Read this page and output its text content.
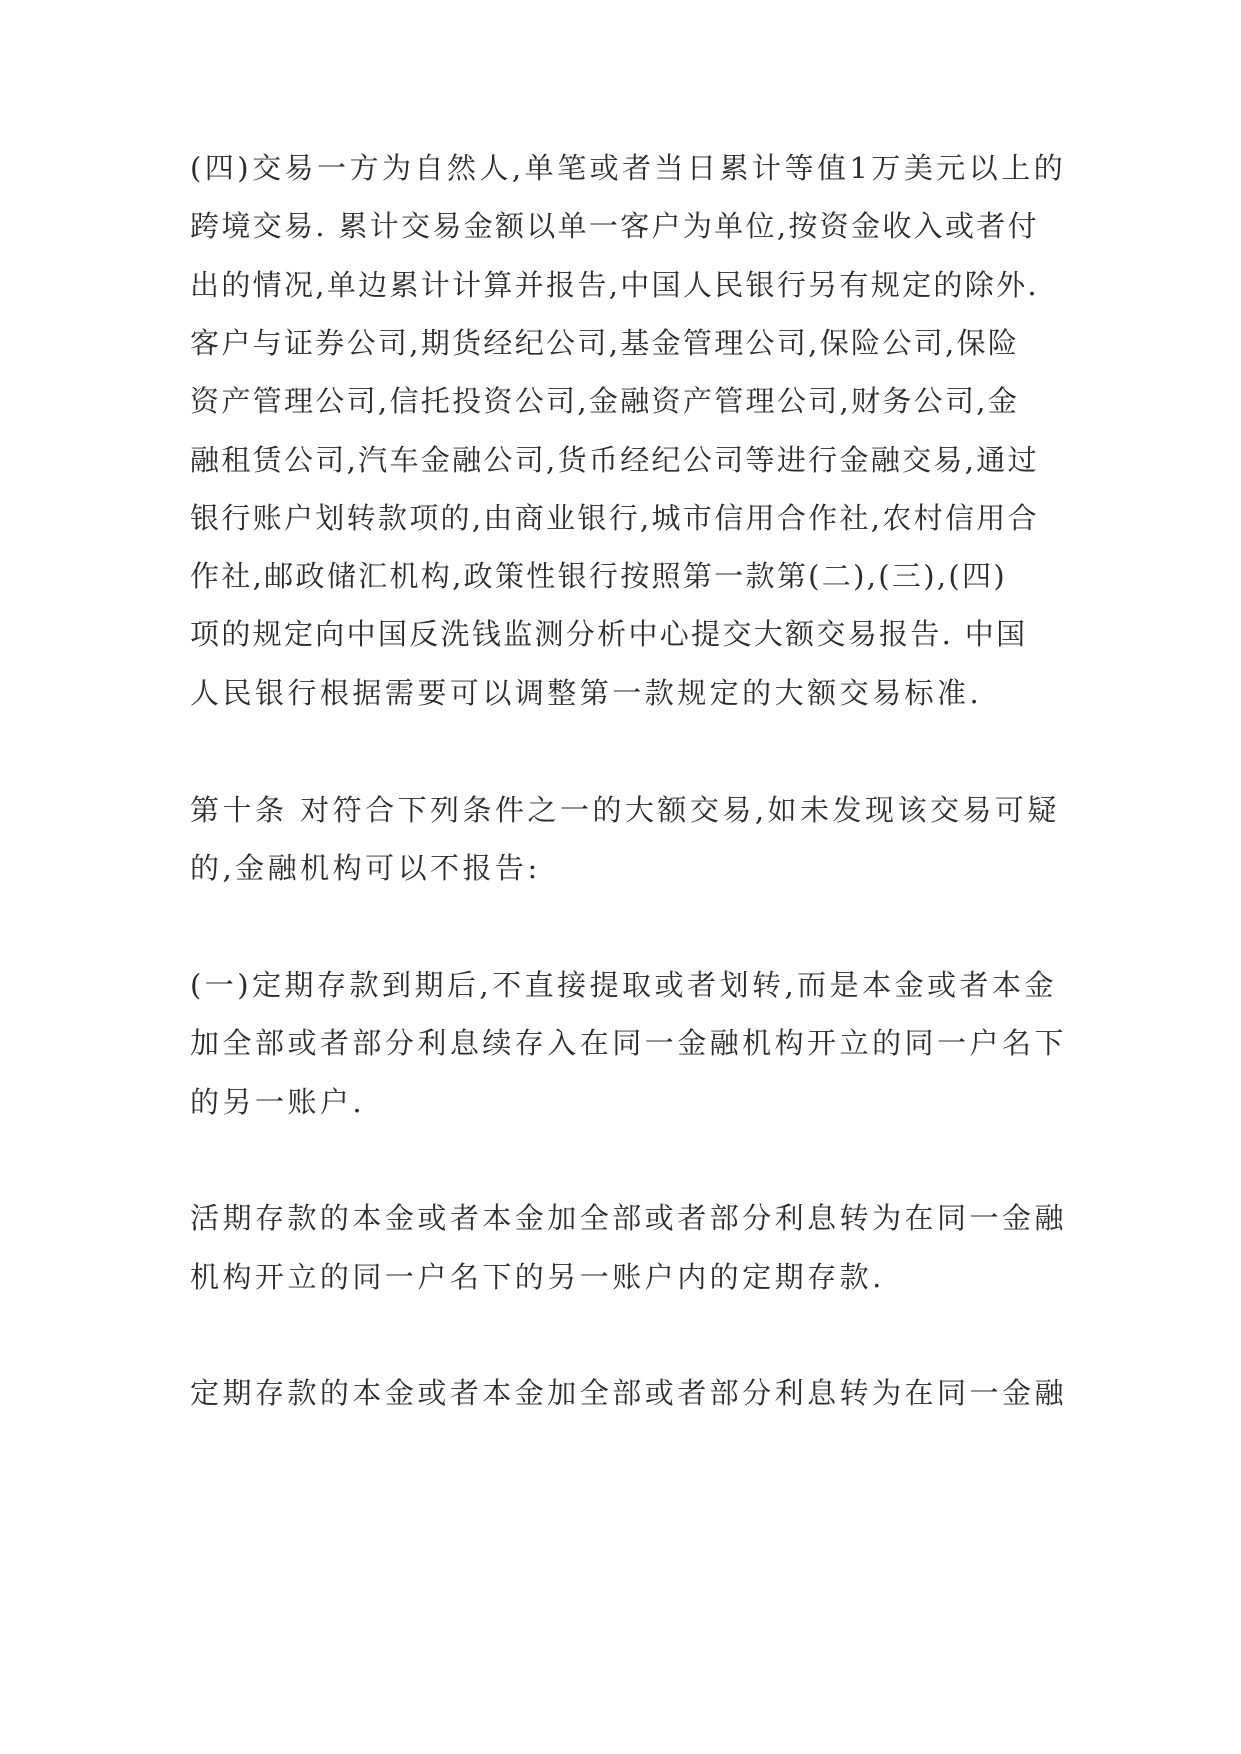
(四)交易一方为自然人,单笔或者当日累计等值1万美元以上的
跨境交易. 累计交易金额以单一客户为单位,按资金收入或者付
出的情况,单边累计计算并报告,中国人民银行另有规定的除外.
客户与证券公司,期货经纪公司,基金管理公司,保险公司,保险
资产管理公司,信托投资公司,金融资产管理公司,财务公司,金
融租赁公司,汽车金融公司,货币经纪公司等进行金融交易,通过
银行账户划转款项的,由商业银行,城市信用合作社,农村信用合
作社,邮政储汇机构,政策性银行按照第一款第(二),(三),(四)
项的规定向中国反洗钱监测分析中心提交大额交易报告. 中国
人民银行根据需要可以调整第一款规定的大额交易标准.
第十条 对符合下列条件之一的大额交易,如未发现该交易可疑
的,金融机构可以不报告:
(一)定期存款到期后,不直接提取或者划转,而是本金或者本金
加全部或者部分利息续存入在同一金融机构开立的同一户名下
的另一账户.
活期存款的本金或者本金加全部或者部分利息转为在同一金融
机构开立的同一户名下的另一账户内的定期存款.
定期存款的本金或者本金加全部或者部分利息转为在同一金融
